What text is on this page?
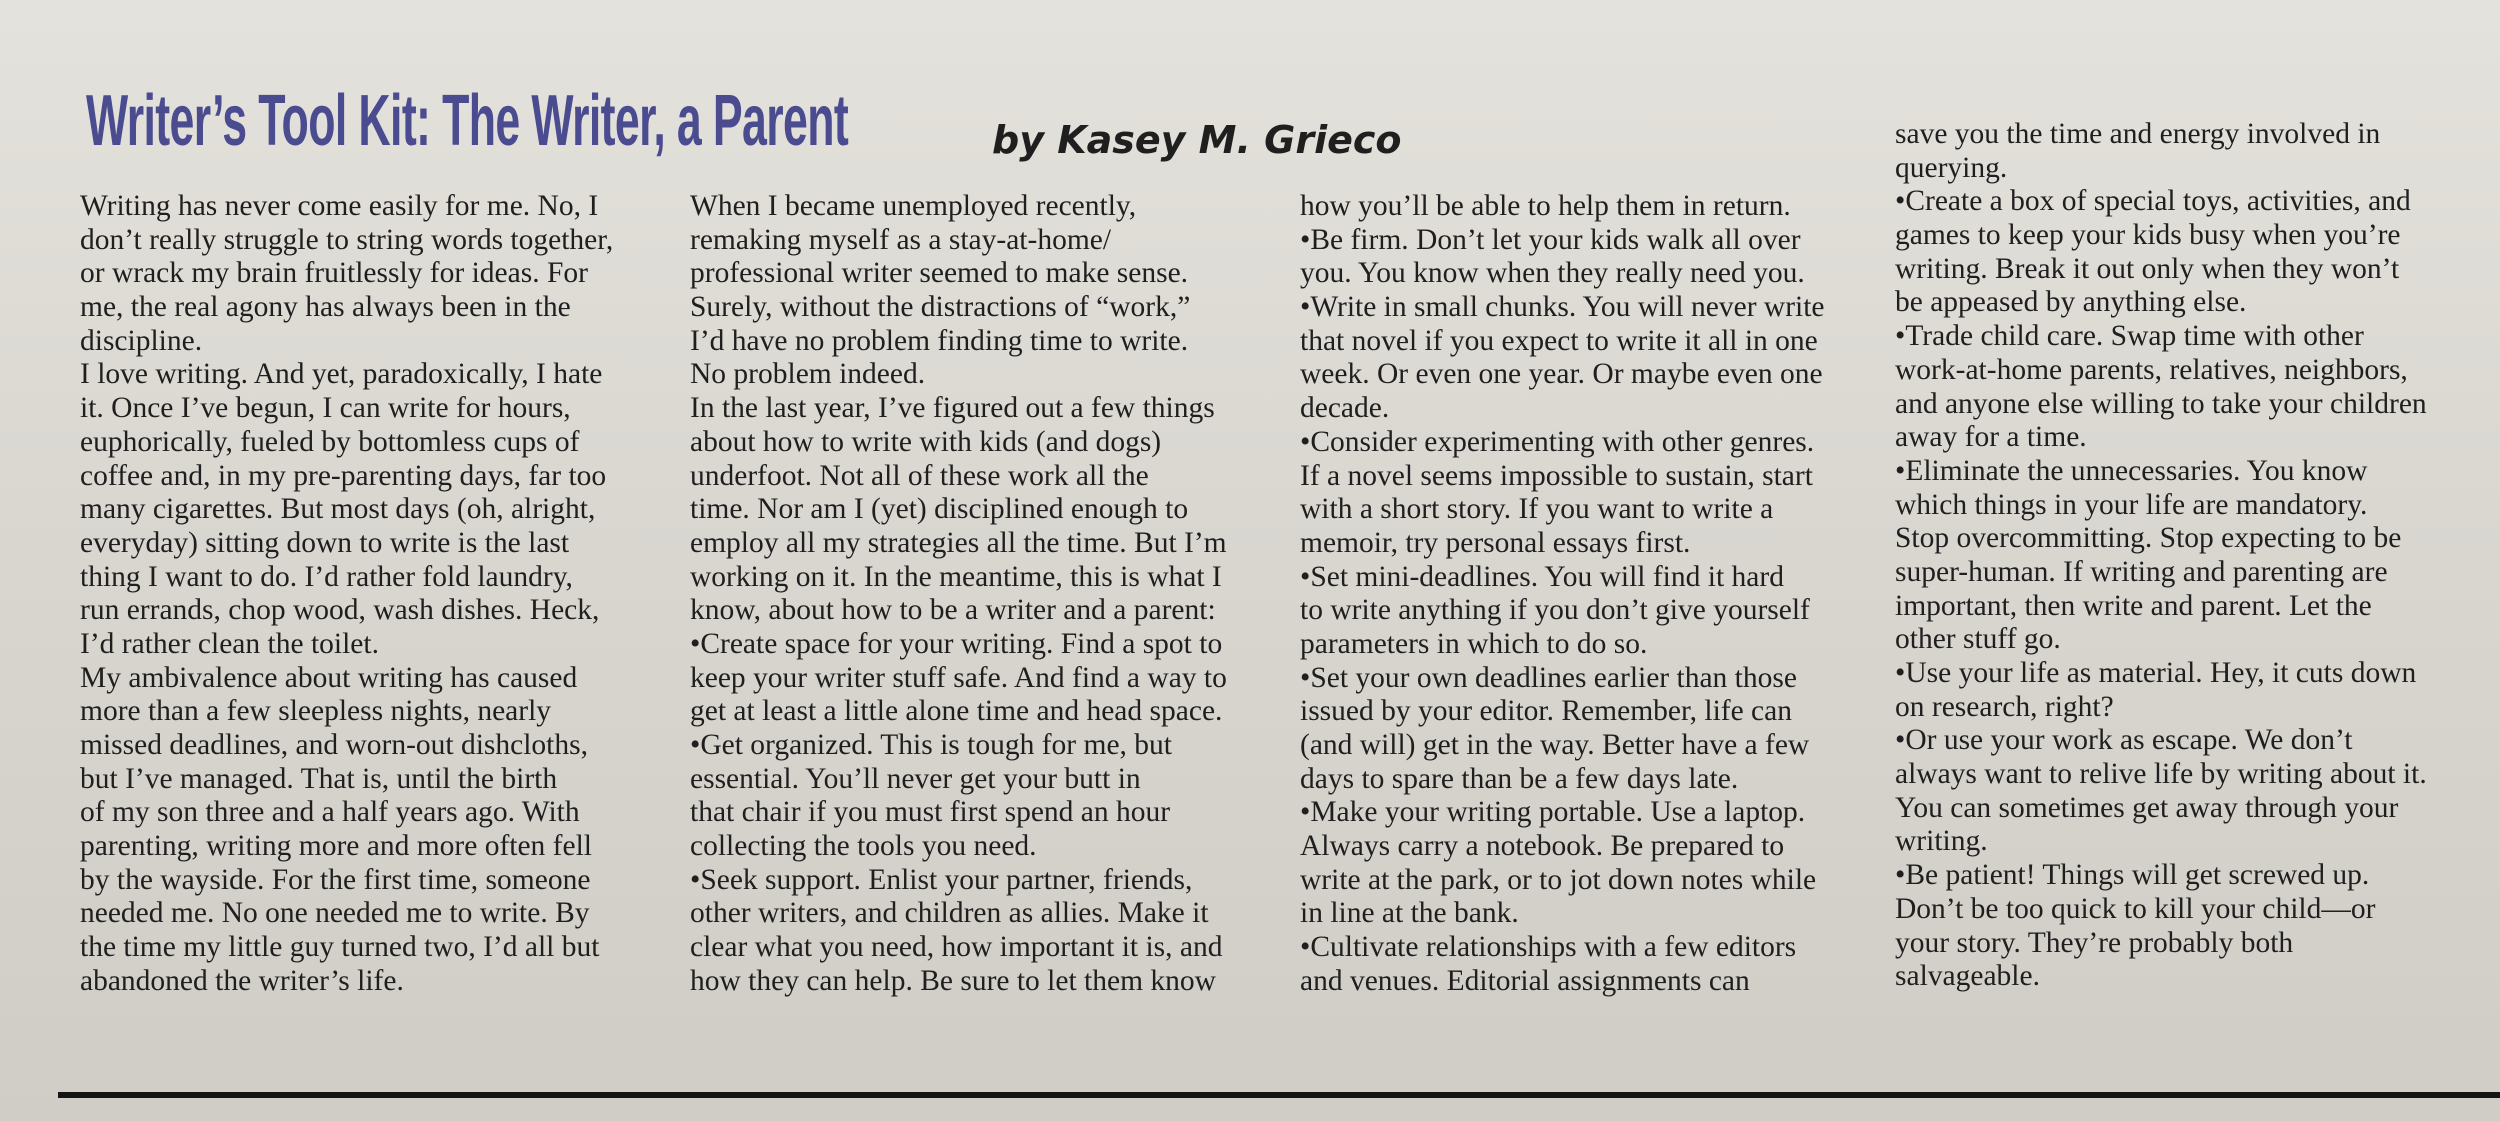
Writer’s Tool Kit: The Writer, a Parent	by Kasey M. Grieco
Writing has never come easily for me. No, I
don’t really struggle to string words together,
or wrack my brain fruitlessly for ideas. For
me, the real agony has always been in the
discipline.
I love writing. And yet, paradoxically, I hate
it. Once I’ve begun, I can write for hours,
euphorically, fueled by bottomless cups of
coffee and, in my pre-parenting days, far too
many cigarettes. But most days (oh, alright,
everyday) sitting down to write is the last
thing I want to do. I’d rather fold laundry,
run errands, chop wood, wash dishes. Heck,
I’d rather clean the toilet.
My ambivalence about writing has caused
more than a few sleepless nights, nearly
missed deadlines, and worn-out dishcloths,
but I’ve managed. That is, until the birth
of my son three and a half years ago. With
parenting, writing more and more often fell
by the wayside. For the first time, someone
needed me. No one needed me to write. By
the time my little guy turned two, I’d all but
abandoned the writer’s life.
When I became unemployed recently,
remaking myself as a stay-at-home/
professional writer seemed to make sense.
Surely, without the distractions of “work,”
I’d have no problem finding time to write.
No problem indeed.
In the last year, I’ve figured out a few things
about how to write with kids (and dogs)
underfoot. Not all of these work all the
time. Nor am I (yet) disciplined enough to
employ all my strategies all the time. But I’m
working on it. In the meantime, this is what I
know, about how to be a writer and a parent:
•Create space for your writing. Find a spot to
keep your writer stuff safe. And find a way to
get at least a little alone time and head space.
•Get organized. This is tough for me, but
essential. You’ll never get your butt in
that chair if you must first spend an hour
collecting the tools you need.
•Seek support. Enlist your partner, friends,
other writers, and children as allies. Make it
clear what you need, how important it is, and
how they can help. Be sure to let them know
how you’ll be able to help them in return.
•Be firm. Don’t let your kids walk all over
you. You know when they really need you.
•Write in small chunks. You will never write
that novel if you expect to write it all in one
week. Or even one year. Or maybe even one
decade.
•Consider experimenting with other genres.
If a novel seems impossible to sustain, start
with a short story. If you want to write a
memoir, try personal essays first.
•Set mini-deadlines. You will find it hard
to write anything if you don’t give yourself
parameters in which to do so.
•Set your own deadlines earlier than those
issued by your editor. Remember, life can
(and will) get in the way. Better have a few
days to spare than be a few days late.
•Make your writing portable. Use a laptop.
Always carry a notebook. Be prepared to
write at the park, or to jot down notes while
in line at the bank.
•Cultivate relationships with a few editors
and venues. Editorial assignments can
save you the time and energy involved in
querying.
•Create a box of special toys, activities, and
games to keep your kids busy when you’re
writing. Break it out only when they won’t
be appeased by anything else.
•Trade child care. Swap time with other
work-at-home parents, relatives, neighbors,
and anyone else willing to take your children
away for a time.
•Eliminate the unnecessaries. You know
which things in your life are mandatory.
Stop overcommitting. Stop expecting to be
super-human. If writing and parenting are
important, then write and parent. Let the
other stuff go.
•Use your life as material. Hey, it cuts down
on research, right?
•Or use your work as escape. We don’t
always want to relive life by writing about it.
You can sometimes get away through your
writing.
•Be patient! Things will get screwed up.
Don’t be too quick to kill your child—or
your story. They’re probably both
salvageable.
